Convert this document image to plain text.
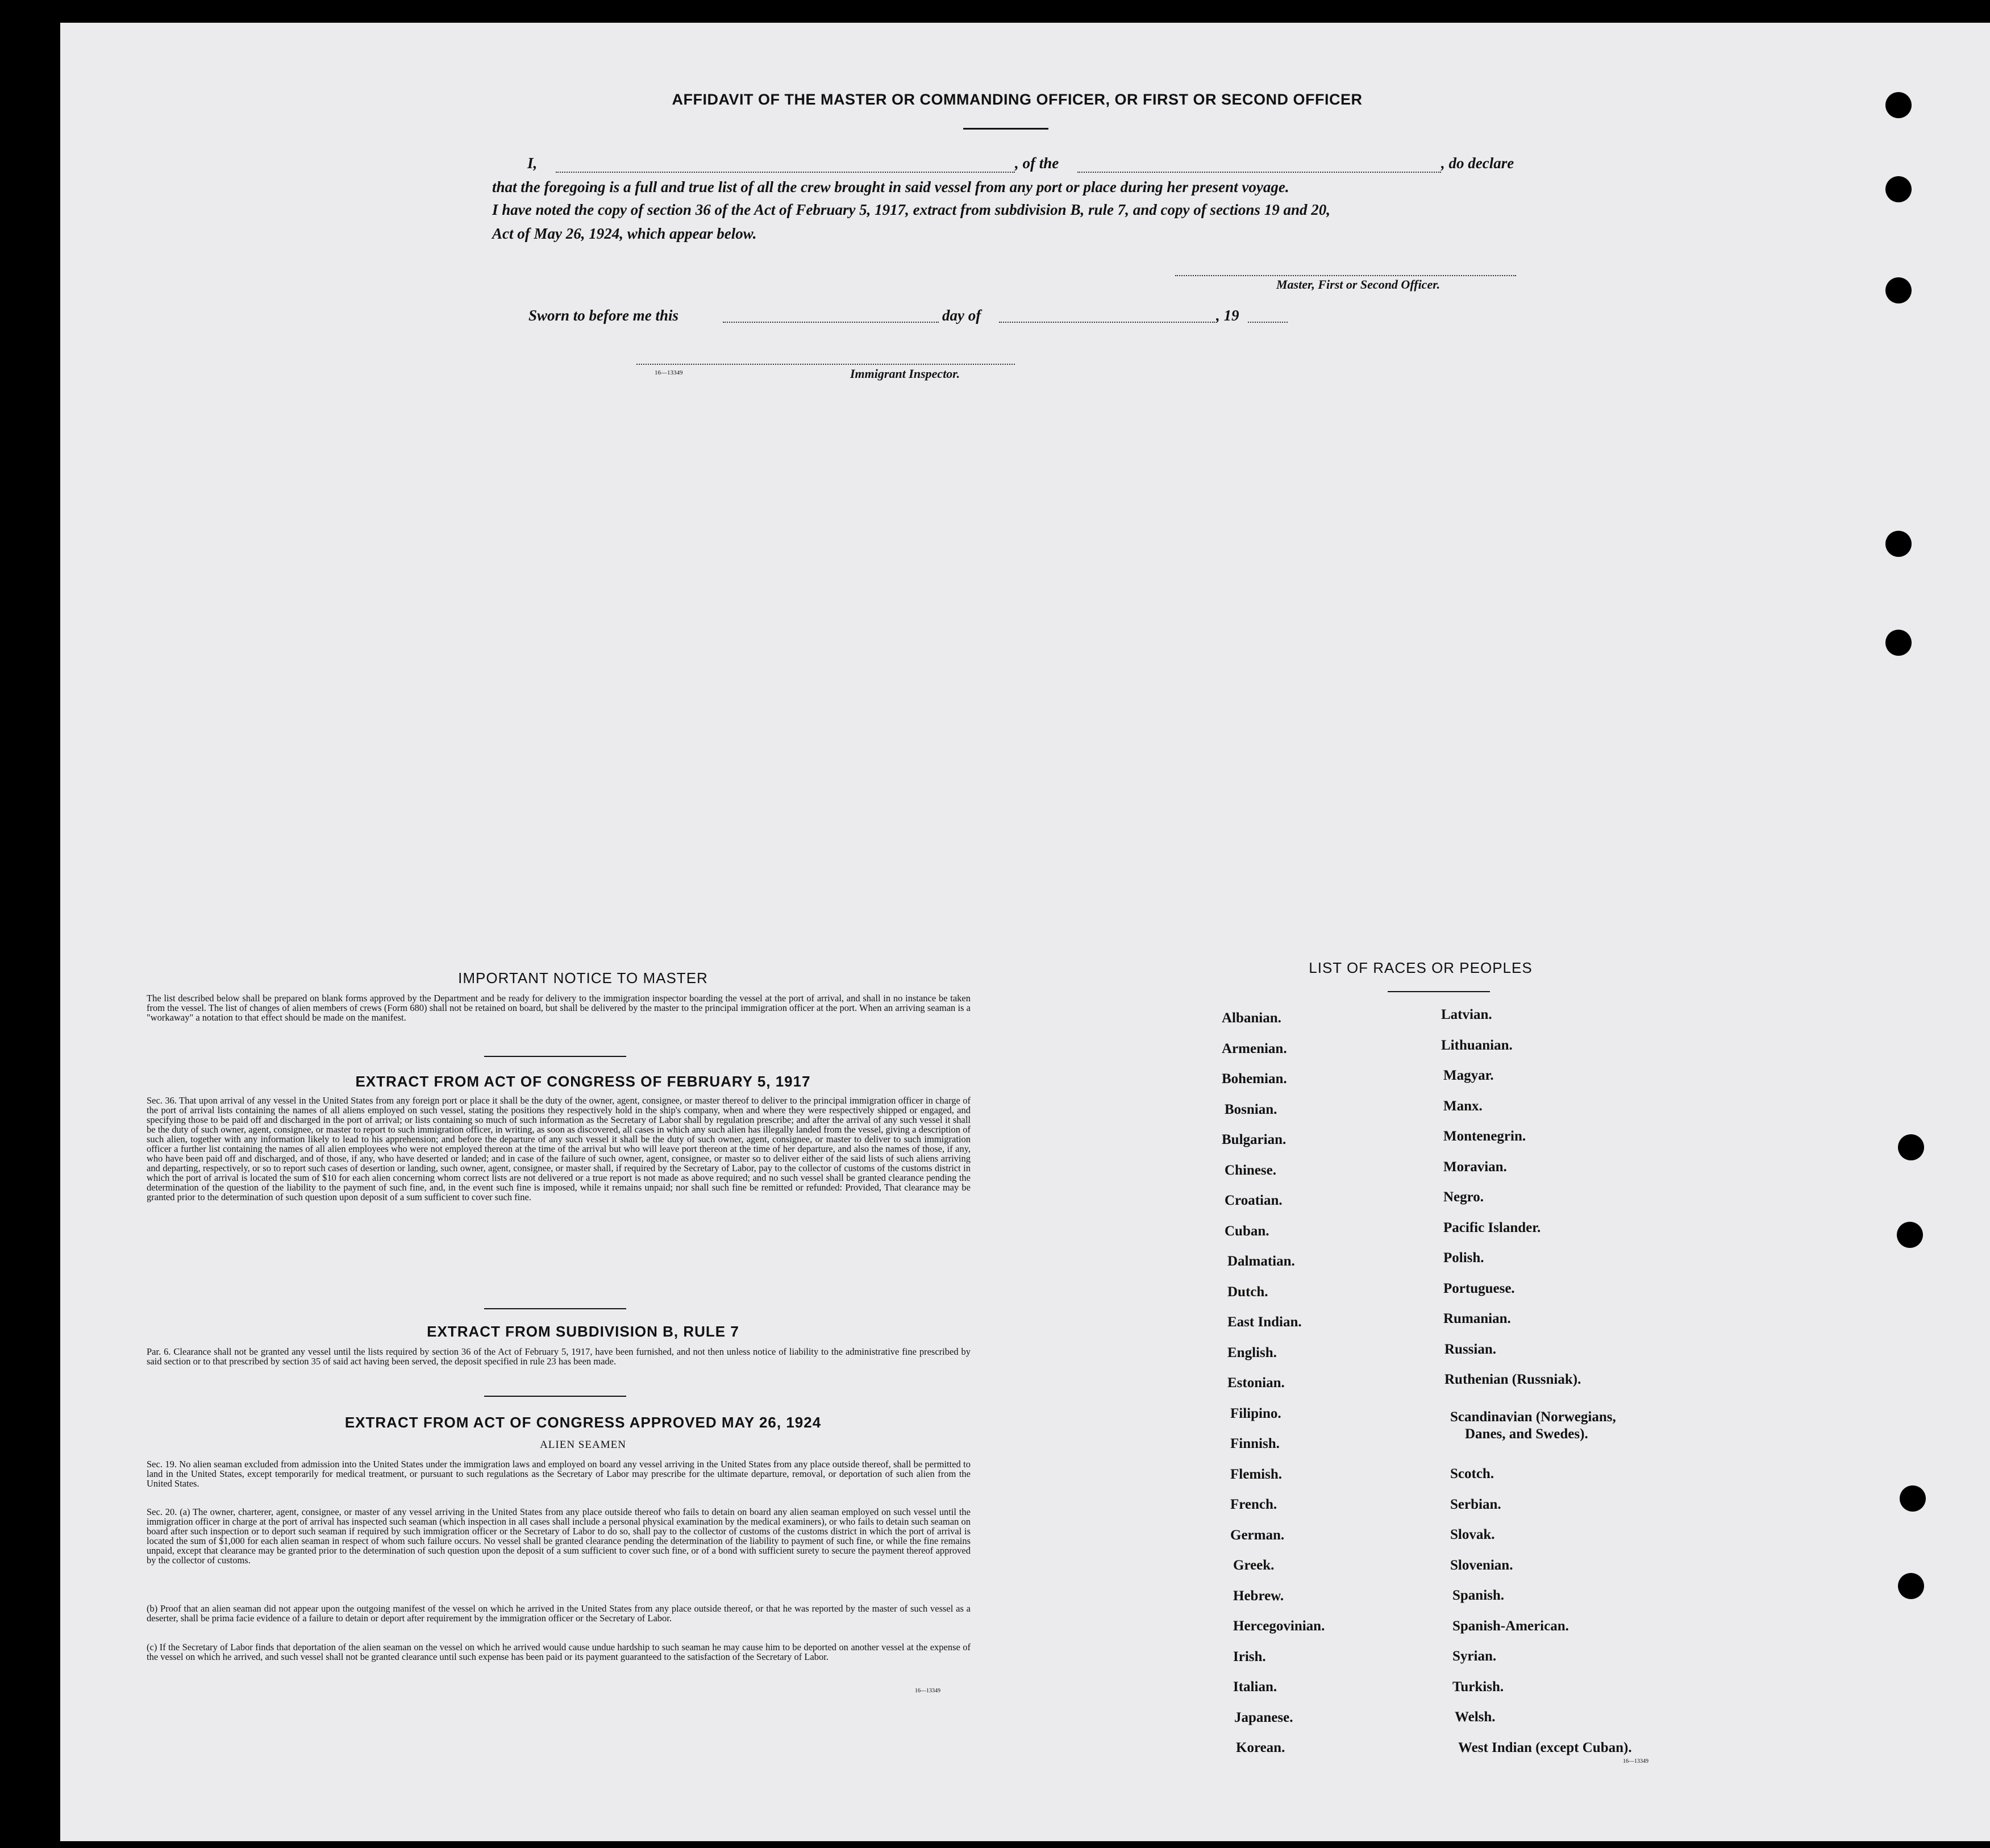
AFFIDAVIT OF THE MASTER OR COMMANDING OFFICER, OR FIRST OR SECOND OFFICER
I,	, of the	, do declare
that the foregoing is a full and true list of all the crew brought in said vessel from any port or place during her present voyage.
I have noted the copy of section 36 of the Act of February 5, 1917, extract from subdivision B, rule 7, and copy of sections 19 and 20,
Act of May 26, 1924, which appear below.
Master, First or Second Officer.
Sworn to before me this	day of	, 19
16—13349	Immigrant Inspector.
IMPORTANT NOTICE TO MASTER
The list described below shall be prepared on blank forms approved by the Department and be ready for delivery to the immigration inspector boarding the vessel at the port of arrival, and shall in no instance be taken from the vessel. The list of changes of alien members of crews (Form 680) shall not be retained on board, but shall be delivered by the master to the principal immigration officer at the port. When an arriving seaman is a "workaway" a notation to that effect should be made on the manifest.
EXTRACT FROM ACT OF CONGRESS OF FEBRUARY 5, 1917
Sec. 36. That upon arrival of any vessel in the United States from any foreign port or place it shall be the duty of the owner, agent, consignee, or master thereof to deliver to the principal immigration officer in charge of the port of arrival lists containing the names of all aliens employed on such vessel, stating the positions they respectively hold in the ship's company, when and where they were respectively shipped or engaged, and specifying those to be paid off and discharged in the port of arrival; or lists containing so much of such information as the Secretary of Labor shall by regulation prescribe; and after the arrival of any such vessel it shall be the duty of such owner, agent, consignee, or master to report to such immigration officer, in writing, as soon as discovered, all cases in which any such alien has illegally landed from the vessel, giving a description of such alien, together with any information likely to lead to his apprehension; and before the departure of any such vessel it shall be the duty of such owner, agent, consignee, or master to deliver to such immigration officer a further list containing the names of all alien employees who were not employed thereon at the time of the arrival but who will leave port thereon at the time of her departure, and also the names of those, if any, who have been paid off and discharged, and of those, if any, who have deserted or landed; and in case of the failure of such owner, agent, consignee, or master so to deliver either of the said lists of such aliens arriving and departing, respectively, or so to report such cases of desertion or landing, such owner, agent, consignee, or master shall, if required by the Secretary of Labor, pay to the collector of customs of the customs district in which the port of arrival is located the sum of $10 for each alien concerning whom correct lists are not delivered or a true report is not made as above required; and no such vessel shall be granted clearance pending the determination of the question of the liability to the payment of such fine, and, in the event such fine is imposed, while it remains unpaid; nor shall such fine be remitted or refunded: Provided, That clearance may be granted prior to the determination of such question upon deposit of a sum sufficient to cover such fine.
EXTRACT FROM SUBDIVISION B, RULE 7
Par. 6. Clearance shall not be granted any vessel until the lists required by section 36 of the Act of February 5, 1917, have been furnished, and not then unless notice of liability to the administrative fine prescribed by said section or to that prescribed by section 35 of said act having been served, the deposit specified in rule 23 has been made.
EXTRACT FROM ACT OF CONGRESS APPROVED MAY 26, 1924
ALIEN SEAMEN
Sec. 19. No alien seaman excluded from admission into the United States under the immigration laws and employed on board any vessel arriving in the United States from any place outside thereof, shall be permitted to land in the United States, except temporarily for medical treatment, or pursuant to such regulations as the Secretary of Labor may prescribe for the ultimate departure, removal, or deportation of such alien from the United States.
Sec. 20. (a) The owner, charterer, agent, consignee, or master of any vessel arriving in the United States from any place outside thereof who fails to detain on board any alien seaman employed on such vessel until the immigration officer in charge at the port of arrival has inspected such seaman (which inspection in all cases shall include a personal physical examination by the medical examiners), or who fails to detain such seaman on board after such inspection or to deport such seaman if required by such immigration officer or the Secretary of Labor to do so, shall pay to the collector of customs of the customs district in which the port of arrival is located the sum of $1,000 for each alien seaman in respect of whom such failure occurs. No vessel shall be granted clearance pending the determination of the liability to payment of such fine, or while the fine remains unpaid, except that clearance may be granted prior to the determination of such question upon the deposit of a sum sufficient to cover such fine, or of a bond with sufficient surety to secure the payment thereof approved by the collector of customs.
(b) Proof that an alien seaman did not appear upon the outgoing manifest of the vessel on which he arrived in the United States from any place outside thereof, or that he was reported by the master of such vessel as a deserter, shall be prima facie evidence of a failure to detain or deport after requirement by the immigration officer or the Secretary of Labor.
(c) If the Secretary of Labor finds that deportation of the alien seaman on the vessel on which he arrived would cause undue hardship to such seaman he may cause him to be deported on another vessel at the expense of the vessel on which he arrived, and such vessel shall not be granted clearance until such expense has been paid or its payment guaranteed to the satisfaction of the Secretary of Labor.
16—13349
LIST OF RACES OR PEOPLES
Albanian.
Armenian.
Bohemian.
Bosnian.
Bulgarian.
Chinese.
Croatian.
Cuban.
Dalmatian.
Dutch.
East Indian.
English.
Estonian.
Filipino.
Finnish.
Flemish.
French.
German.
Greek.
Hebrew.
Hercegovinian.
Irish.
Italian.
Japanese.
Korean.
Latvian.
Lithuanian.
Magyar.
Manx.
Montenegrin.
Moravian.
Negro.
Pacific Islander.
Polish.
Portuguese.
Rumanian.
Russian.
Ruthenian (Russniak).
Scandinavian (Norwegians,
Danes, and Swedes).
Scotch.
Serbian.
Slovak.
Slovenian.
Spanish.
Spanish-American.
Syrian.
Turkish.
Welsh.
West Indian (except Cuban).
16—13349
